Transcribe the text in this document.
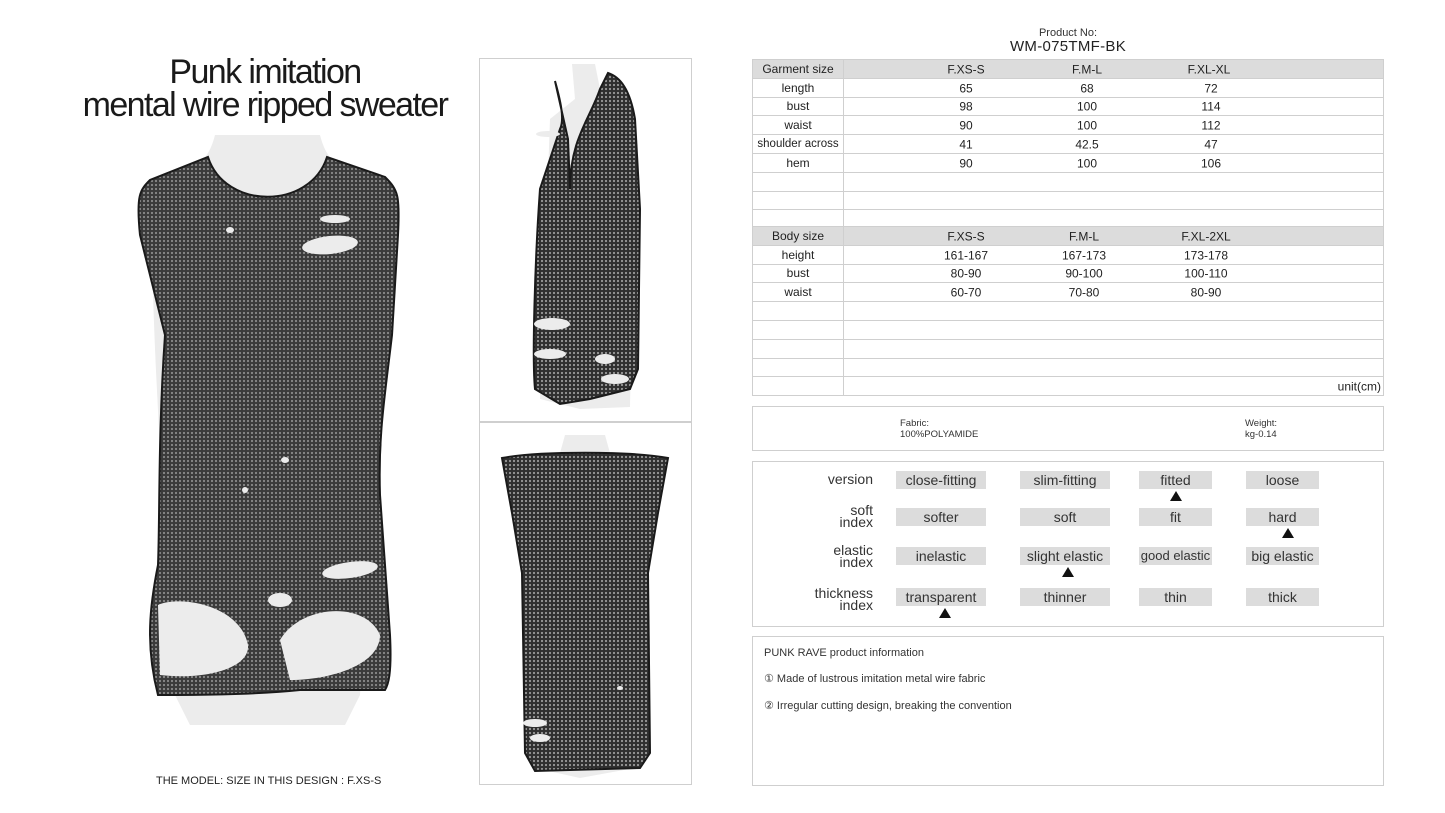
Punk imitation
mental wire ripped sweater
THE MODEL: SIZE IN THIS DESIGN : F.XS-S
Product No:
WM-075TMF-BK
Garment size	F.XS-S F.M-L F.XL-XL

length	65 68 72

bust	98 100 114

waist	90 100 112

shoulder across	41 42.5 47

hem	90 100 106

Body size	F.XS-S F.M-L F.XL-2XL

height	161-167 167-173 173-178

bust	80-90 90-100 100-110

waist	60-70 70-80 80-90

	unit(cm)
Fabric:
100%POLYAMIDE
Weight:
kg-0.14
version	close-fitting	slim-fitting	fitted	loose
soft
index	softer	soft	fit	hard
elastic
index	inelastic	slight elastic	good elastic	big elastic
thickness
index	transparent	thinner	thin	thick
PUNK RAVE product information
① Made of lustrous imitation metal wire fabric
② Irregular cutting design, breaking the convention
